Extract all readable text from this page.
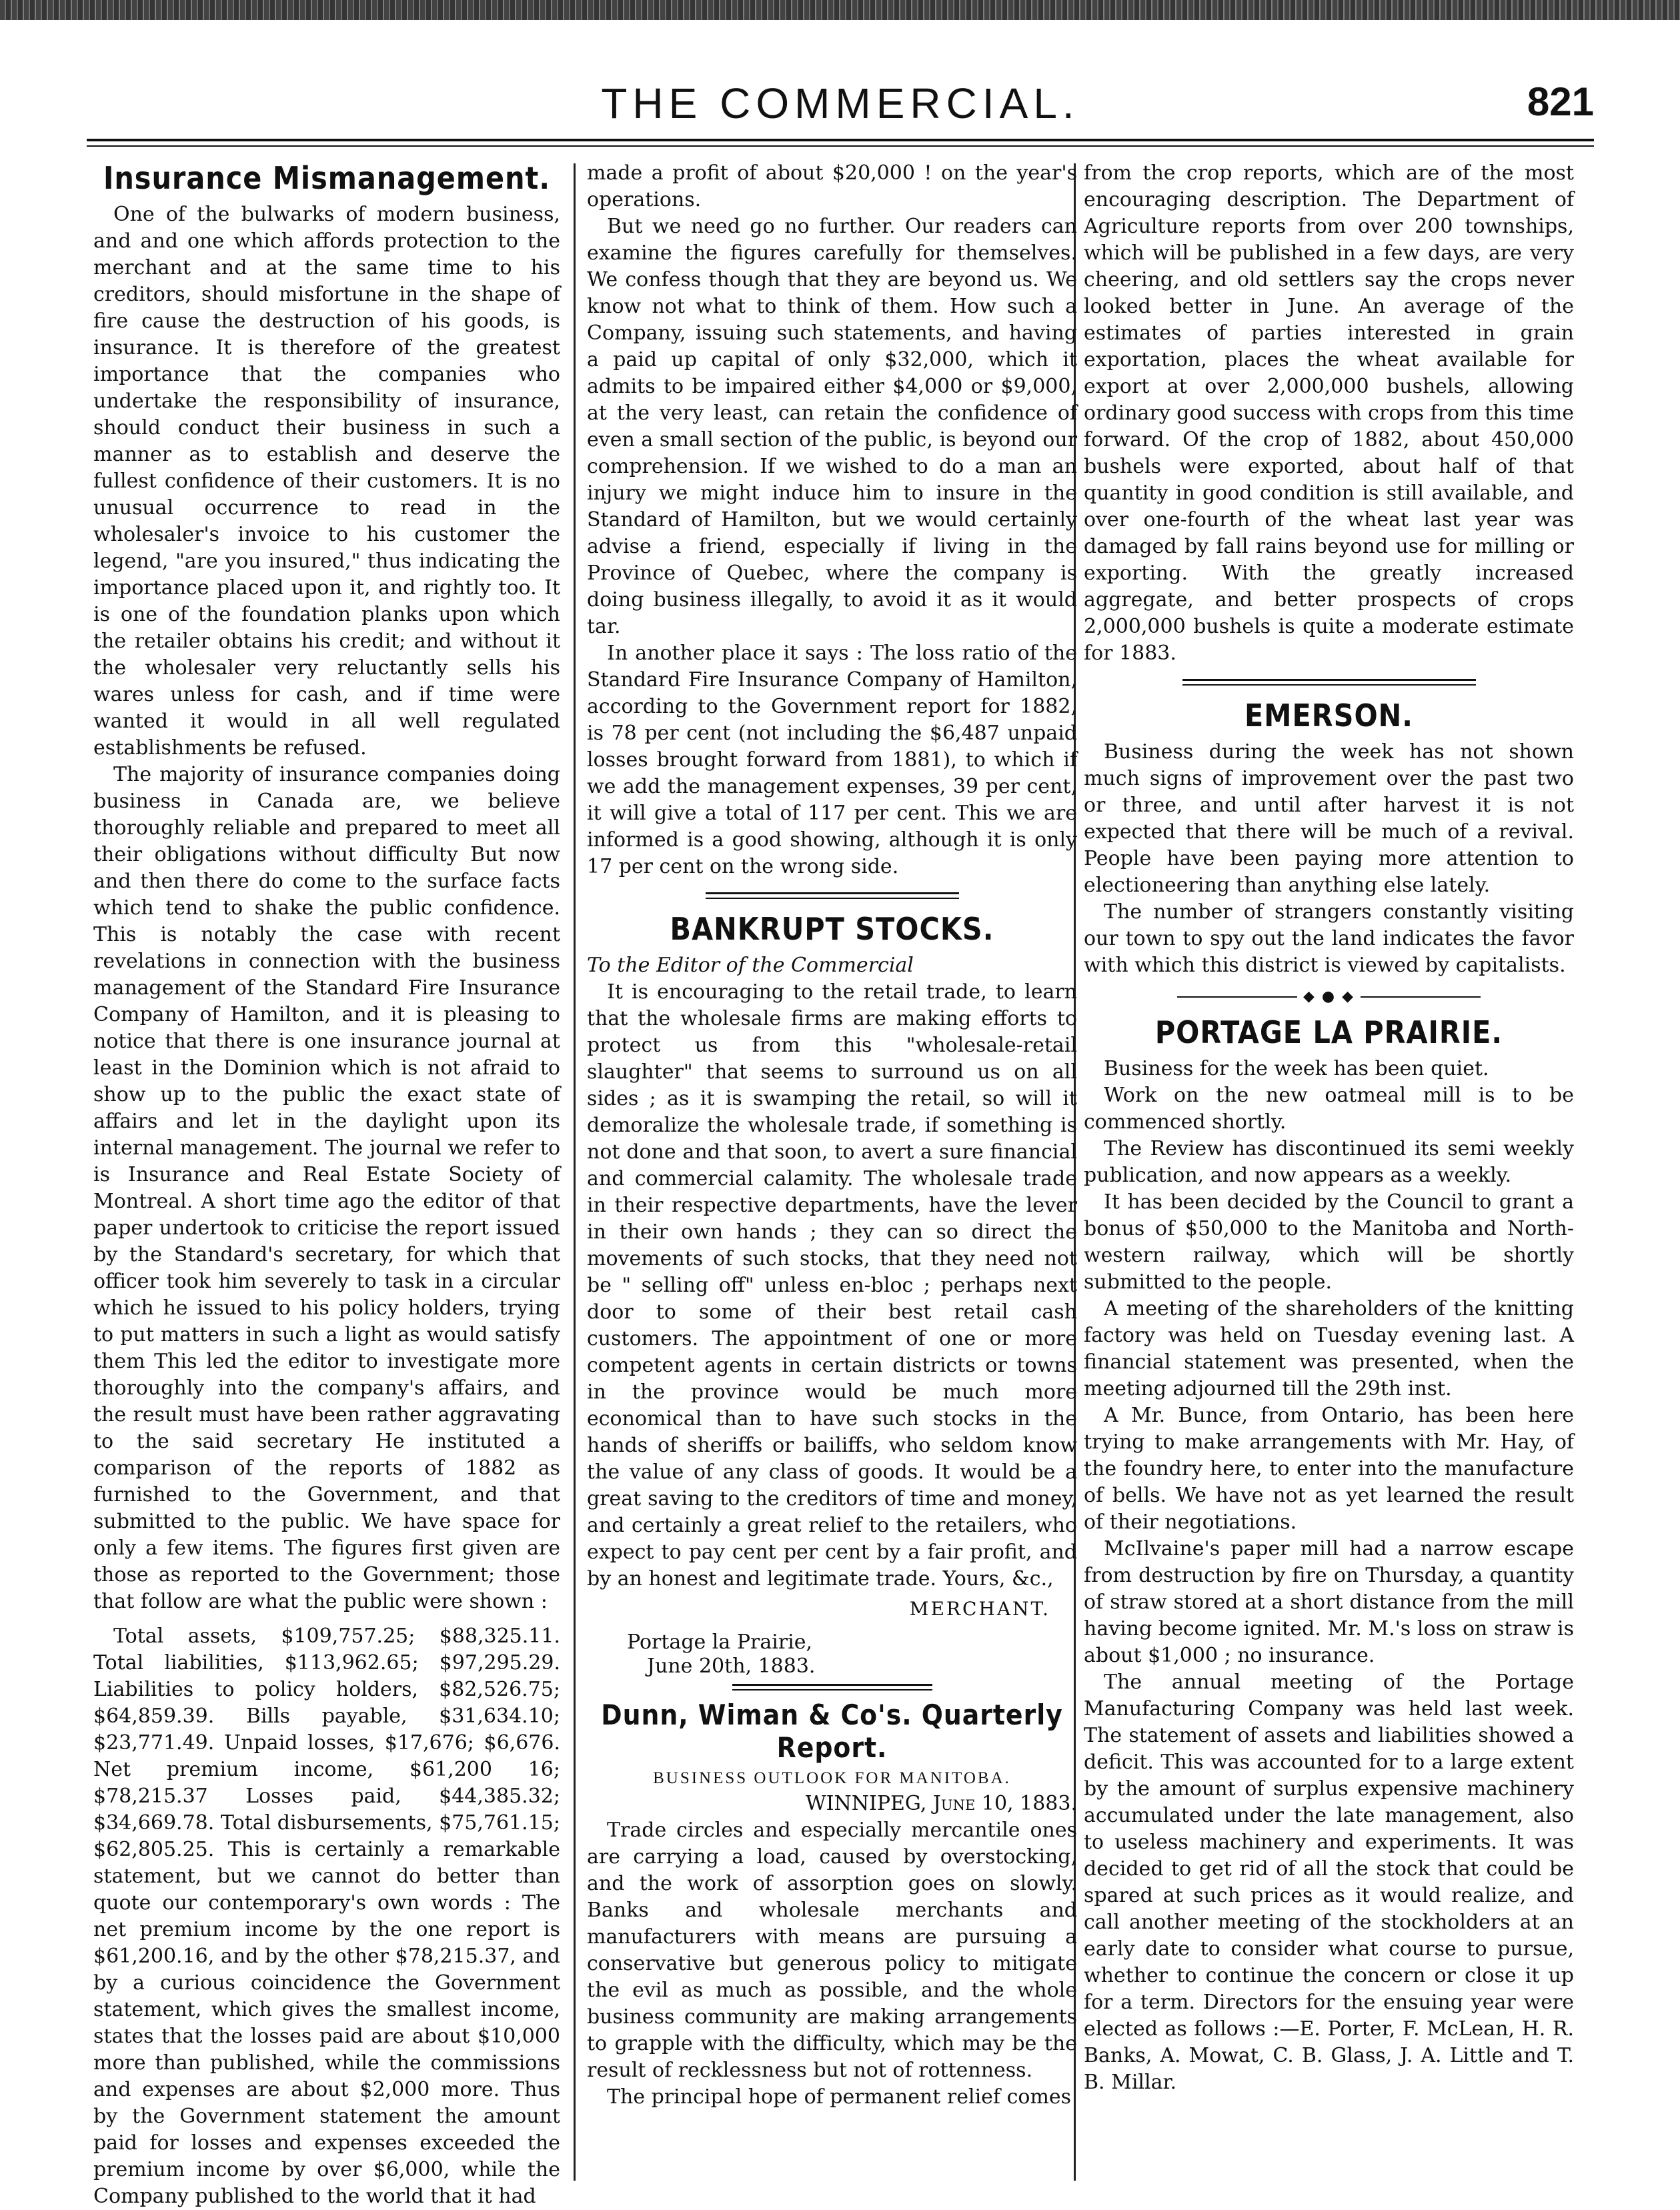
THE COMMERCIAL.	821
Insurance Mismanagement.

One of the bulwarks of modern business, and and one which affords protection to the merchant and at the same time to his creditors, should misfortune in the shape of fire cause the destruction of his goods, is insurance. It is therefore of the greatest importance that the companies who undertake the responsibility of insurance, should conduct their business in such a manner as to establish and deserve the fullest confidence of their customers. It is no unusual occurrence to read in the wholesaler's invoice to his customer the legend, "are you insured," thus indicating the importance placed upon it, and rightly too. It is one of the foundation planks upon which the retailer obtains his credit; and without it the wholesaler very reluctantly sells his wares unless for cash, and if time were wanted it would in all well regulated establishments be refused.

The majority of insurance companies doing business in Canada are, we believe thoroughly reliable and prepared to meet all their obligations without difficulty But now and then there do come to the surface facts which tend to shake the public confidence. This is notably the case with recent revelations in connection with the business management of the Standard Fire Insurance Company of Hamilton, and it is pleasing to notice that there is one insurance journal at least in the Dominion which is not afraid to show up to the public the exact state of affairs and let in the daylight upon its internal management. The journal we refer to is Insurance and Real Estate Society of Montreal. A short time ago the editor of that paper undertook to criticise the report issued by the Standard's secretary, for which that officer took him severely to task in a circular which he issued to his policy holders, trying to put matters in such a light as would satisfy them This led the editor to investigate more thoroughly into the company's affairs, and the result must have been rather aggravating to the said secretary He instituted a comparison of the reports of 1882 as furnished to the Government, and that submitted to the public. We have space for only a few items. The figures first given are those as reported to the Government; those that follow are what the public were shown :

Total assets, $109,757.25; $88,325.11. Total liabilities, $113,962.65; $97,295.29. Liabilities to policy holders, $82,526.75; $64,859.39. Bills payable, $31,634.10; $23,771.49. Unpaid losses, $17,676; $6,676. Net premium income, $61,200 16; $78,215.37 Losses paid, $44,385.32; $34,669.78. Total disbursements, $75,761.15; $62,805.25. This is certainly a remarkable statement, but we cannot do better than quote our contemporary's own words : The net premium income by the one report is $61,200.16, and by the other $78,215.37, and by a curious coincidence the Government statement, which gives the smallest income, states that the losses paid are about $10,000 more than published, while the commissions and expenses are about $2,000 more. Thus by the Government statement the amount paid for losses and expenses exceeded the premium income by over $6,000, while the Company published to the world that it had

made a profit of about $20,000 ! on the year's operations.

But we need go no further. Our readers can examine the figures carefully for themselves. We confess though that they are beyond us. We know not what to think of them. How such a Company, issuing such statements, and having a paid up capital of only $32,000, which it admits to be impaired either $4,000 or $9,000, at the very least, can retain the confidence of even a small section of the public, is beyond our comprehension. If we wished to do a man an injury we might induce him to insure in the Standard of Hamilton, but we would certainly advise a friend, especially if living in the Province of Quebec, where the company is doing business illegally, to avoid it as it would tar.

In another place it says : The loss ratio of the Standard Fire Insurance Company of Hamilton, according to the Government report for 1882, is 78 per cent (not including the $6,487 unpaid losses brought forward from 1881), to which if we add the management expenses, 39 per cent, it will give a total of 117 per cent. This we are informed is a good showing, although it is only 17 per cent on the wrong side.

BANKRUPT STOCKS.

To the Editor of the Commercial

It is encouraging to the retail trade, to learn that the wholesale firms are making efforts to protect us from this "wholesale-retail slaughter" that seems to surround us on all sides ; as it is swamping the retail, so will it demoralize the wholesale trade, if something is not done and that soon, to avert a sure financial and commercial calamity. The wholesale trade in their respective departments, have the lever in their own hands ; they can so direct the movements of such stocks, that they need not be " selling off" unless en-bloc ; perhaps next door to some of their best retail cash customers. The appointment of one or more competent agents in certain districts or towns in the province would be much more economical than to have such stocks in the hands of sheriffs or bailiffs, who seldom know the value of any class of goods. It would be a great saving to the creditors of time and money, and certainly a great relief to the retailers, who expect to pay cent per cent by a fair profit, and by an honest and legitimate trade. Yours, &c.,

MERCHANT.
Portage la Prairie,
June 20th, 1883.
Dunn, Wiman & Co's. Quarterly Report.
BUSINESS OUTLOOK FOR MANITOBA.

WINNIPEG, June 10, 1883.

Trade circles and especially mercantile ones are carrying a load, caused by overstocking, and the work of assorption goes on slowly. Banks and wholesale merchants and manufacturers with means are pursuing a conservative but generous policy to mitigate the evil as much as possible, and the whole business community are making arrangements to grapple with the difficulty, which may be the result of recklessness but not of rottenness.

The principal hope of permanent relief comes

from the crop reports, which are of the most encouraging description. The Department of Agriculture reports from over 200 townships, which will be published in a few days, are very cheering, and old settlers say the crops never looked better in June. An average of the estimates of parties interested in grain exportation, places the wheat available for export at over 2,000,000 bushels, allowing ordinary good success with crops from this time forward. Of the crop of 1882, about 450,000 bushels were exported, about half of that quantity in good condition is still available, and over one-fourth of the wheat last year was damaged by fall rains beyond use for milling or exporting. With the greatly increased aggregate, and better prospects of crops 2,000,000 bushels is quite a moderate estimate for 1883.

EMERSON.

Business during the week has not shown much signs of improvement over the past two or three, and until after harvest it is not expected that there will be much of a revival. People have been paying more attention to electioneering than anything else lately.

The number of strangers constantly visiting our town to spy out the land indicates the favor with which this district is viewed by capitalists.

◆ ● ◆
PORTAGE LA PRAIRIE.

Business for the week has been quiet.

Work on the new oatmeal mill is to be commenced shortly.

The Review has discontinued its semi weekly publication, and now appears as a weekly.

It has been decided by the Council to grant a bonus of $50,000 to the Manitoba and North-western railway, which will be shortly submitted to the people.

A meeting of the shareholders of the knitting factory was held on Tuesday evening last. A financial statement was presented, when the meeting adjourned till the 29th inst.

A Mr. Bunce, from Ontario, has been here trying to make arrangements with Mr. Hay, of the foundry here, to enter into the manufacture of bells. We have not as yet learned the result of their negotiations.

McIlvaine's paper mill had a narrow escape from destruction by fire on Thursday, a quantity of straw stored at a short distance from the mill having become ignited. Mr. M.'s loss on straw is about $1,000 ; no insurance.

The annual meeting of the Portage Manufacturing Company was held last week. The statement of assets and liabilities showed a deficit. This was accounted for to a large extent by the amount of surplus expensive machinery accumulated under the late management, also to useless machinery and experiments. It was decided to get rid of all the stock that could be spared at such prices as it would realize, and call another meeting of the stockholders at an early date to consider what course to pursue, whether to continue the concern or close it up for a term. Directors for the ensuing year were elected as follows :—E. Porter, F. McLean, H. R. Banks, A. Mowat, C. B. Glass, J. A. Little and T. B. Millar.
